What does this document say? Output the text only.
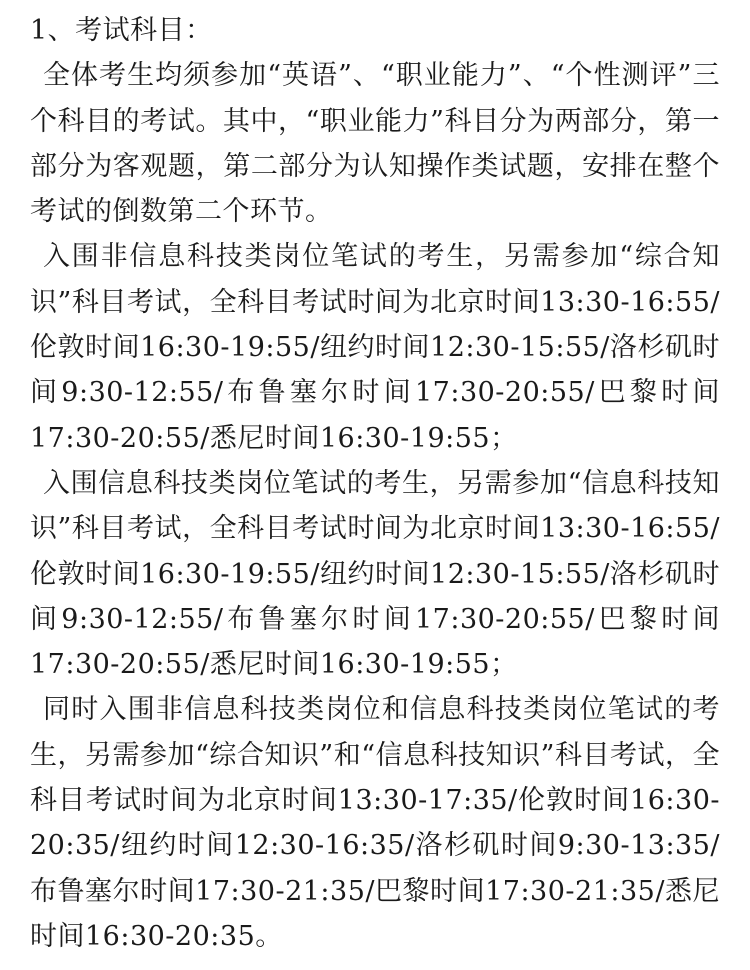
1、考试科目：

全体考生均须参加“英语”、“职业能力”、“个性测评”三个科目的考试。其中，“职业能力”科目分为两部分，第一部分为客观题，第二部分为认知操作类试题，安排在整个考试的倒数第二个环节。

入围非信息科技类岗位笔试的考生，另需参加“综合知识”科目考试，全科目考试时间为北京时间13:30-16:55/伦敦时间16:30-19:55/纽约时间12:30-15:55/洛杉矶时间9:30-12:55/布鲁塞尔时间17:30-20:55/巴黎时间17:30-20:55/悉尼时间16:30-19:55；

入围信息科技类岗位笔试的考生，另需参加“信息科技知识”科目考试，全科目考试时间为北京时间13:30-16:55/伦敦时间16:30-19:55/纽约时间12:30-15:55/洛杉矶时间9:30-12:55/布鲁塞尔时间17:30-20:55/巴黎时间17:30-20:55/悉尼时间16:30-19:55；

同时入围非信息科技类岗位和信息科技类岗位笔试的考生，另需参加“综合知识”和“信息科技知识”科目考试，全科目考试时间为北京时间13:30-17:35/伦敦时间16:30-20:35/纽约时间12:30-16:35/洛杉矶时间9:30-13:35/布鲁塞尔时间17:30-21:35/巴黎时间17:30-21:35/悉尼时间16:30-20:35。
